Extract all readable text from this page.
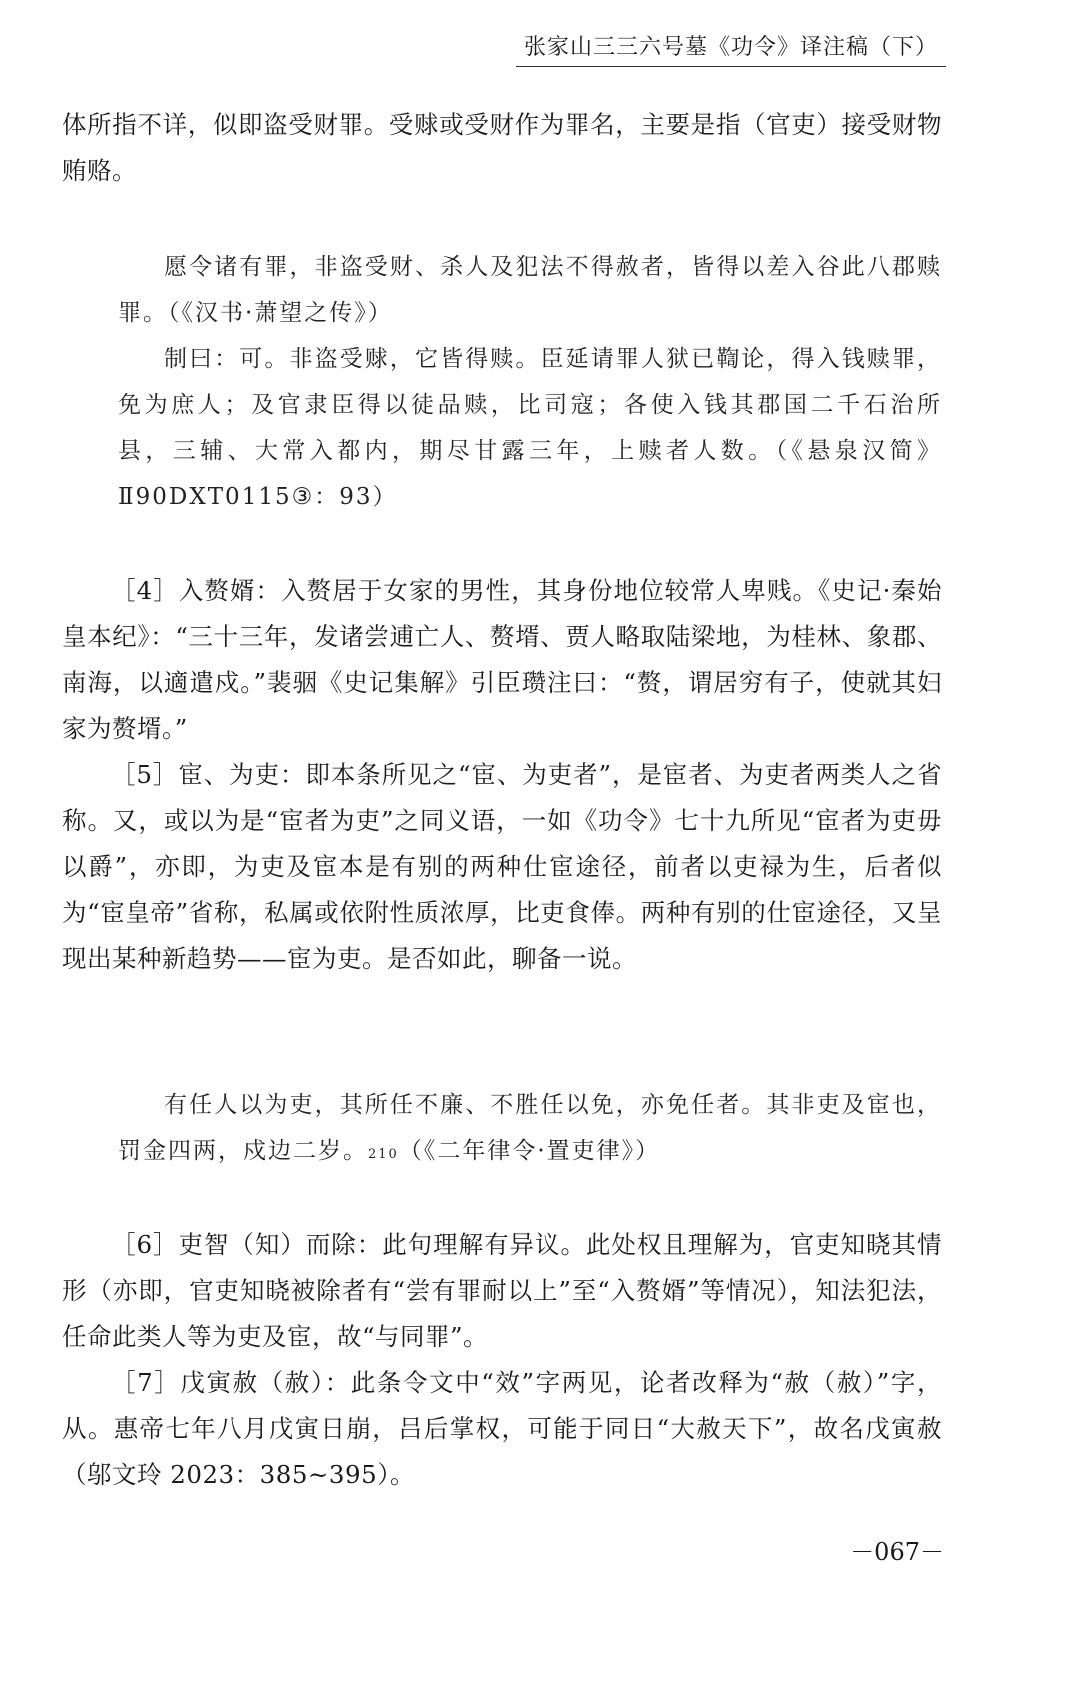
张家山三三六号墓《功令》译注稿（下）
体所指不详，似即盗受财罪。受赇或受财作为罪名，主要是指（官吏）接受财物贿赂。
愿令诸有罪，非盗受财、杀人及犯法不得赦者，皆得以差入谷此八郡赎罪。（《汉书·萧望之传》）
制曰：可。非盗受赇，它皆得赎。臣延请罪人狱已鞫论，得入钱赎罪，免为庶人；及官隶臣得以徒品赎，比司寇；各使入钱其郡国二千石治所县，三辅、大常入都内，期尽甘露三年，上赎者人数。（《悬泉汉简》Ⅱ90DXT0115③：93）
［4］入赘婿：入赘居于女家的男性，其身份地位较常人卑贱。《史记·秦始皇本纪》：“三十三年，发诸尝逋亡人、赘壻、贾人略取陆梁地，为桂林、象郡、南海，以適遣戍。”裴骃《史记集解》引臣瓒注曰：“赘，谓居穷有子，使就其妇家为赘壻。”
［5］宦、为吏：即本条所见之“宦、为吏者”，是宦者、为吏者两类人之省称。又，或以为是“宦者为吏”之同义语，一如《功令》七十九所见“宦者为吏毋以爵”，亦即，为吏及宦本是有别的两种仕宦途径，前者以吏禄为生，后者似为“宦皇帝”省称，私属或依附性质浓厚，比吏食俸。两种有别的仕宦途径，又呈现出某种新趋势——宦为吏。是否如此，聊备一说。
有任人以为吏，其所任不廉、不胜任以免，亦免任者。其非吏及宦也，罚金四两，戍边二岁。210（《二年律令·置吏律》）
［6］吏智（知）而除：此句理解有异议。此处权且理解为，官吏知晓其情形（亦即，官吏知晓被除者有“尝有罪耐以上”至“入赘婿”等情况），知法犯法，任命此类人等为吏及宦，故“与同罪”。
［7］戊寅赦（赦）：此条令文中“效”字两见，论者改释为“赦（赦）”字，从。惠帝七年八月戊寅日崩，吕后掌权，可能于同日“大赦天下”，故名戊寅赦（邬文玲 2023：385~395）。
－067－
